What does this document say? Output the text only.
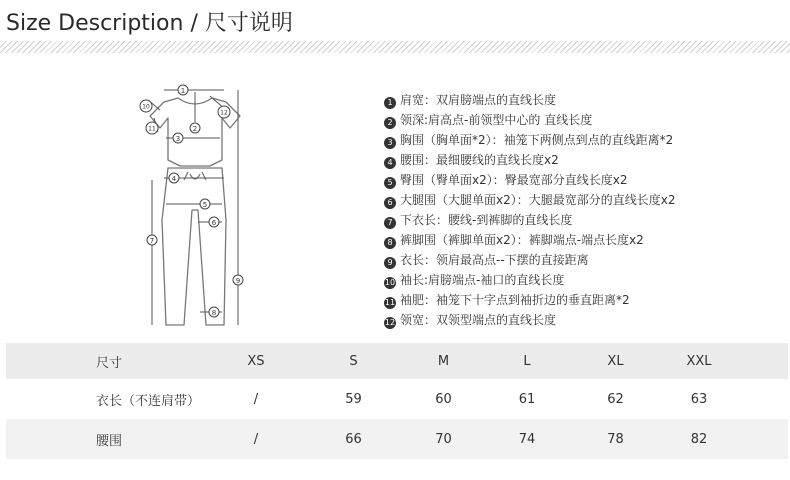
Size Description / 尺寸说明
1
2
3
4
5
6
7
8
9
10
11
12
1 肩宽：双肩膀端点的直线长度
2 领深:肩高点-前领型中心的 直线长度
3 胸围（胸单面*2）：袖笼下两侧点到点的直线距离*2
4 腰围：最细腰线的直线长度x2
5 臀围（臀单面x2）：臀最宽部分直线长度x2
6 大腿围（大腿单面x2）：大腿最宽部分的直线长度x2
7 下衣长：腰线-到裤脚的直线长度
8 裤脚围（裤脚单面x2）：裤脚端点-端点长度x2
9 衣长：领肩最高点--下摆的直接距离
10 袖长:肩膀端点-袖口的直线长度
11 袖肥：袖笼下十字点到袖折边的垂直距离*2
12 领宽：双领型端点的直线长度
尺寸	XS	S	M	L	XL	XXL
衣长（不连肩带）	/	59	60	61	62	63
腰围	/	66	70	74	78	82
